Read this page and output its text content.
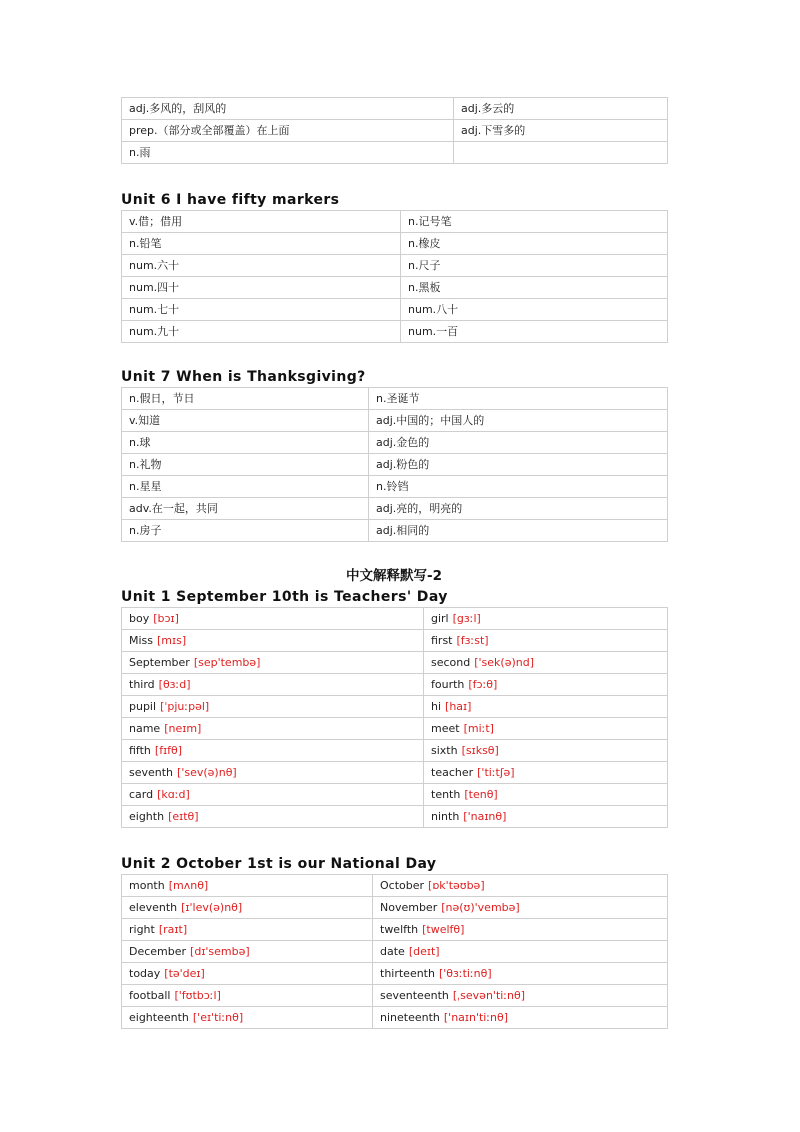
adj.多风的，刮风的	adj.多云的
prep.（部分或全部覆盖）在上面	adj.下雪多的
n.雨	
Unit 6 I have fifty markers
v.借；借用	n.记号笔
n.铅笔	n.橡皮
num.六十	n.尺子
num.四十	n.黑板
num.七十	num.八十
num.九十	num.一百
Unit 7 When is Thanksgiving?
n.假日，节日	n.圣诞节
v.知道	adj.中国的；中国人的
n.球	adj.金色的
n.礼物	adj.粉色的
n.星星	n.铃铛
adv.在一起，共同	adj.亮的，明亮的
n.房子	adj.相同的
中文解释默写-2
Unit 1 September 10th is Teachers' Day
boy [bɔɪ]	girl [gɜːl]
Miss [mɪs]	first [fɜːst]
September [sep'tembə]	second ['sek(ə)nd]
third [θɜːd]	fourth [fɔːθ]
pupil [ˈpjuːpəl]	hi [haɪ]
name [neɪm]	meet [miːt]
fifth [fɪfθ]	sixth [sɪksθ]
seventh ['sev(ə)nθ]	teacher ['tiːtʃə]
card [kɑːd]	tenth [tenθ]
eighth [eɪtθ]	ninth ['naɪnθ]
Unit 2 October 1st is our National Day
month [mʌnθ]	October [ɒk'təʊbə]
eleventh [ɪ'lev(ə)nθ]	November [nə(ʊ)'vembə]
right [raɪt]	twelfth [twelfθ]
December [dɪ'sembə]	date [deɪt]
today [tə'deɪ]	thirteenth ['θɜːtiːnθ]
football ['fʊtbɔːl]	seventeenth [ˌsevən'tiːnθ]
eighteenth ['eɪ'tiːnθ]	nineteenth ['naɪn'tiːnθ]
